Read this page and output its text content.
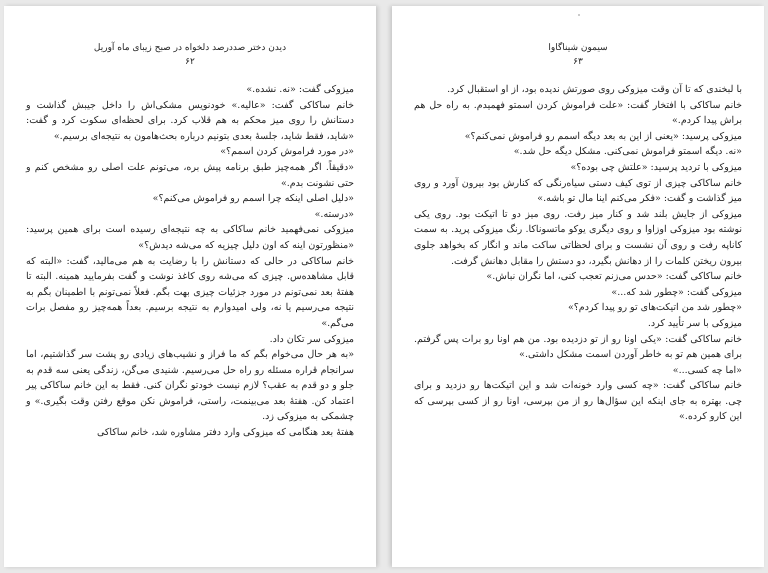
دیدن دختر صددرصد دلخواه در صبح زیبای ماه آوریل
۶۲

میزوکی گفت: «نه. نشده.»

خانم ساکاکی گفت: «عالیه.» خودنویس مشکی‌اش را داخل جیبش گذاشت و دستانش را روی میز محکم به هم قلاب کرد. برای لحظه‌ای سکوت کرد و گفت: «شاید، فقط شاید، جلسهٔ بعدی بتونیم درباره بحث‌هامون به نتیجه‌ای برسیم.»

«در مورد فراموش کردن اسمم؟»

«دقیقاً. اگر همه‌چیز طبق برنامه پیش بره، می‌تونم علت اصلی رو مشخص کنم و حتی نشونت بدم.»

«دلیل اصلی اینکه چرا اسمم رو فراموش می‌کنم؟»

«درسته.»

میزوکی نمی‌فهمید خانم ساکاکی به چه نتیجه‌ای رسیده است برای همین پرسید: «منظورتون اینه که اون دلیل چیزیه که می‌شه دیدش؟»

خانم ساکاکی در حالی که دستانش را با رضایت به هم می‌مالید، گفت: «البته که قابل مشاهده‌س. چیزی که می‌شه روی کاغذ نوشت و گفت بفرمایید همینه. البته تا هفتهٔ بعد نمی‌تونم در مورد جزئیات چیزی بهت بگم. فعلاً نمی‌تونم با اطمینان بگم به نتیجه می‌رسیم یا نه، ولی امیدوارم به نتیجه برسیم. بعداً همه‌چیز رو مفصل برات می‌گم.»

میزوکی سر تکان داد.

«به هر حال می‌خوام بگم که ما فراز و نشیب‌های زیادی رو پشت سر گذاشتیم، اما سرانجام قراره مسئله رو راه حل می‌رسیم. شنیدی می‌گن، زندگی یعنی سه قدم به جلو و دو قدم به عقب؟ لازم نیست خودتو نگران کنی. فقط به این خانم ساکاکی پیر اعتماد کن. هفتهٔ بعد می‌بینمت، راستی، فراموش نکن موقع رفتن وقت بگیری.» و چشمکی به میزوکی زد.

هفتهٔ بعد هنگامی که میزوکی وارد دفتر مشاوره شد، خانم ساکاکی

سیمون شیناگاوا
۶۳

با لبخندی که تا آن وقت میزوکی روی صورتش ندیده بود، از او استقبال کرد.

خانم ساکاکی با افتخار گفت: «علت فراموش کردن اسمتو فهمیدم. به راه حل هم براش پیدا کردم.»

میزوکی پرسید: «یعنی از این به بعد دیگه اسمم رو فراموش نمی‌کنم؟»

«نه. دیگه اسمتو فراموش نمی‌کنی. مشکل دیگه حل شد.»

میزوکی با تردید پرسید: «علتش چی بوده؟»

خانم ساکاکی چیزی از توی کیف دستی سیاه‌رنگی که کنارش بود بیرون آورد و روی میز گذاشت و گفت: «فکر می‌کنم اینا مال تو باشه.»

میزوکی از جایش بلند شد و کنار میز رفت. روی میز دو تا اتیکت بود. روی یکی نوشته بود میزوکی اوزاوا و روی دیگری یوکو ماتسوناکا. رنگ میزوکی پرید. به سمت کاناپه رفت و روی آن نشست و برای لحظاتی ساکت ماند و انگار که بخواهد جلوی بیرون ریختن کلمات را از دهانش بگیرد، دو دستش را مقابل دهانش گرفت.

خانم ساکاکی گفت: «حدس می‌زنم تعجب کنی، اما نگران نباش.»

میزوکی گفت: «چطور شد که...»

«چطور شد من اتیکت‌های تو رو پیدا کردم؟»

میزوکی با سر تأیید کرد.

خانم ساکاکی گفت: «یکی اونا رو از تو دزدیده بود. من هم اونا رو برات پس گرفتم. برای همین هم تو به خاطر آوردن اسمت مشکل داشتی.»

«اما چه کسی...»

خانم ساکاکی گفت: «چه کسی وارد خونه‌ات شد و این اتیکت‌ها رو دزدید و برای چی. بهتره به جای اینکه این سؤال‌ها رو از من بپرسی، اونا رو از کسی بپرسی که این کارو کرده.»
